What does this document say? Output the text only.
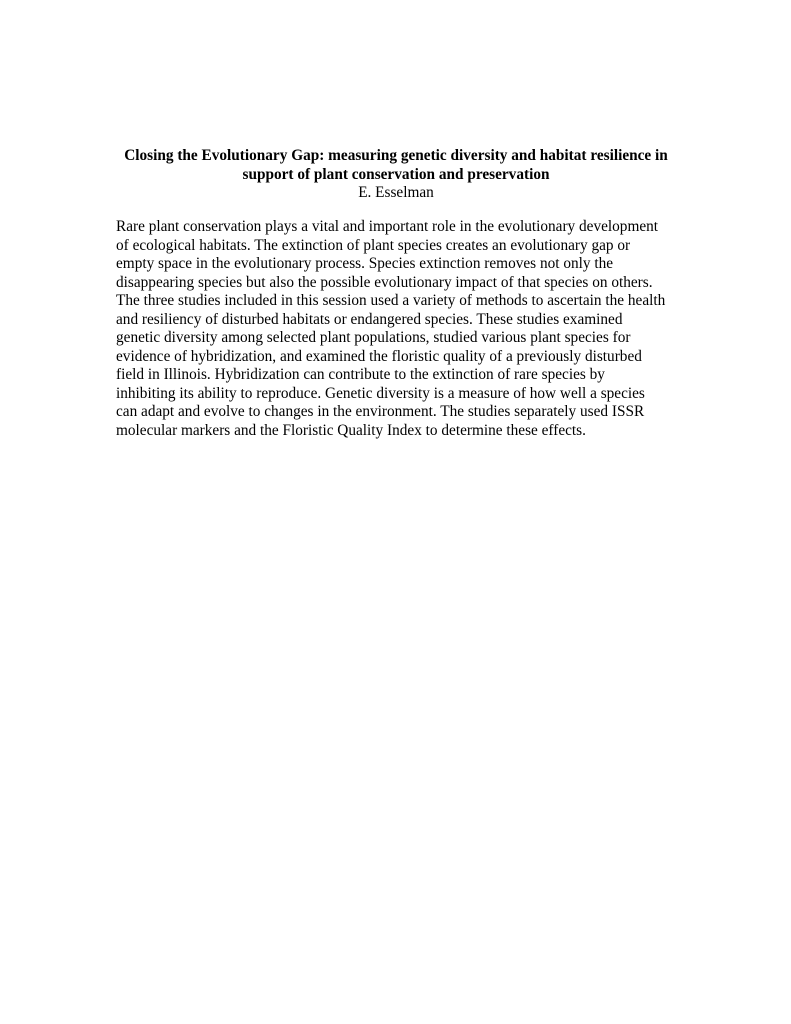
Closing the Evolutionary Gap: measuring genetic diversity and habitat resilience in
support of plant conservation and preservation

E. Esselman

Rare plant conservation plays a vital and important role in the evolutionary development
of ecological habitats. The extinction of plant species creates an evolutionary gap or
empty space in the evolutionary process. Species extinction removes not only the
disappearing species but also the possible evolutionary impact of that species on others.
The three studies included in this session used a variety of methods to ascertain the health
and resiliency of disturbed habitats or endangered species. These studies examined
genetic diversity among selected plant populations, studied various plant species for
evidence of hybridization, and examined the floristic quality of a previously disturbed
field in Illinois. Hybridization can contribute to the extinction of rare species by
inhibiting its ability to reproduce. Genetic diversity is a measure of how well a species
can adapt and evolve to changes in the environment. The studies separately used ISSR
molecular markers and the Floristic Quality Index to determine these effects.
